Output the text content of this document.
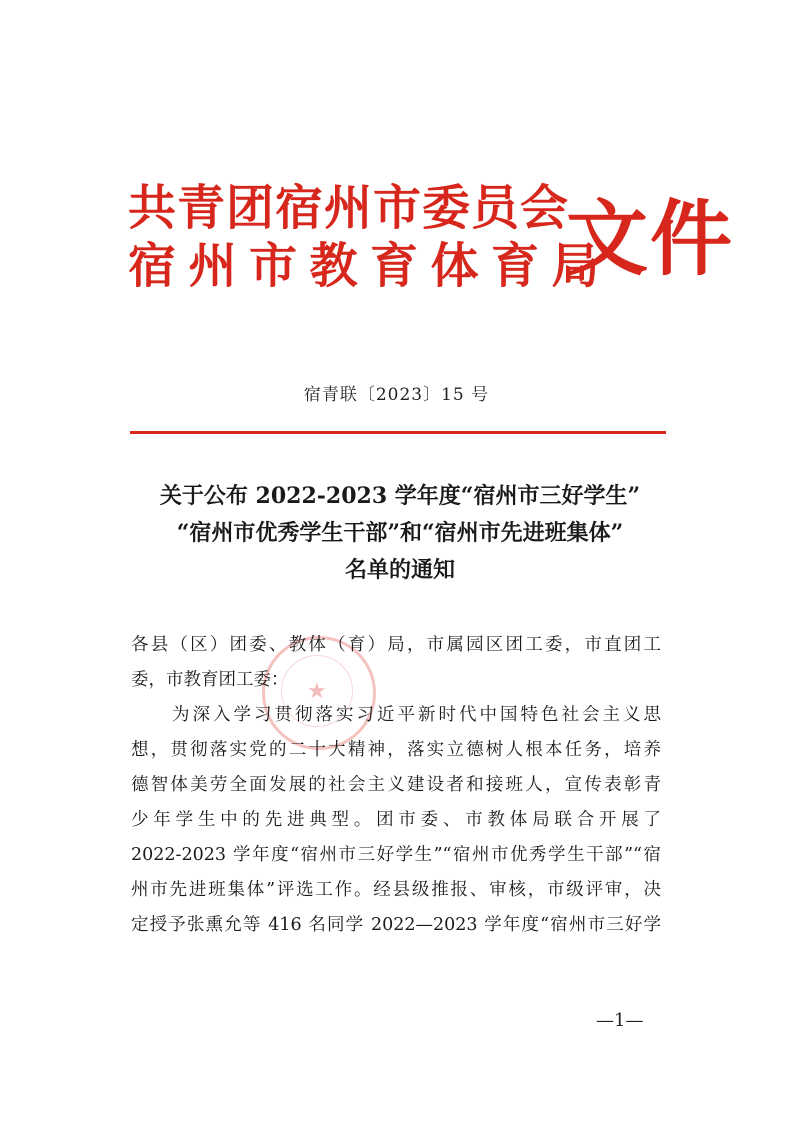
共青团宿州市委员会
宿州市教育体育局
文件
宿青联〔2023〕15 号
关于公布 2022-2023 学年度“宿州市三好学生”
“宿州市优秀学生干部”和“宿州市先进班集体”
名单的通知
★
各县（区）团委、教体（育）局，市属园区团工委，市直团工
委，市教育团工委：
　　为深入学习贯彻落实习近平新时代中国特色社会主义思
想，贯彻落实党的二十大精神，落实立德树人根本任务，培养
德智体美劳全面发展的社会主义建设者和接班人，宣传表彰青
少年学生中的先进典型。团市委、市教体局联合开展了
2022-2023 学年度“宿州市三好学生”“宿州市优秀学生干部”“宿
州市先进班集体”评选工作。经县级推报、审核，市级评审，决
定授予张熏允等 416 名同学 2022—2023 学年度“宿州市三好学
—1—
